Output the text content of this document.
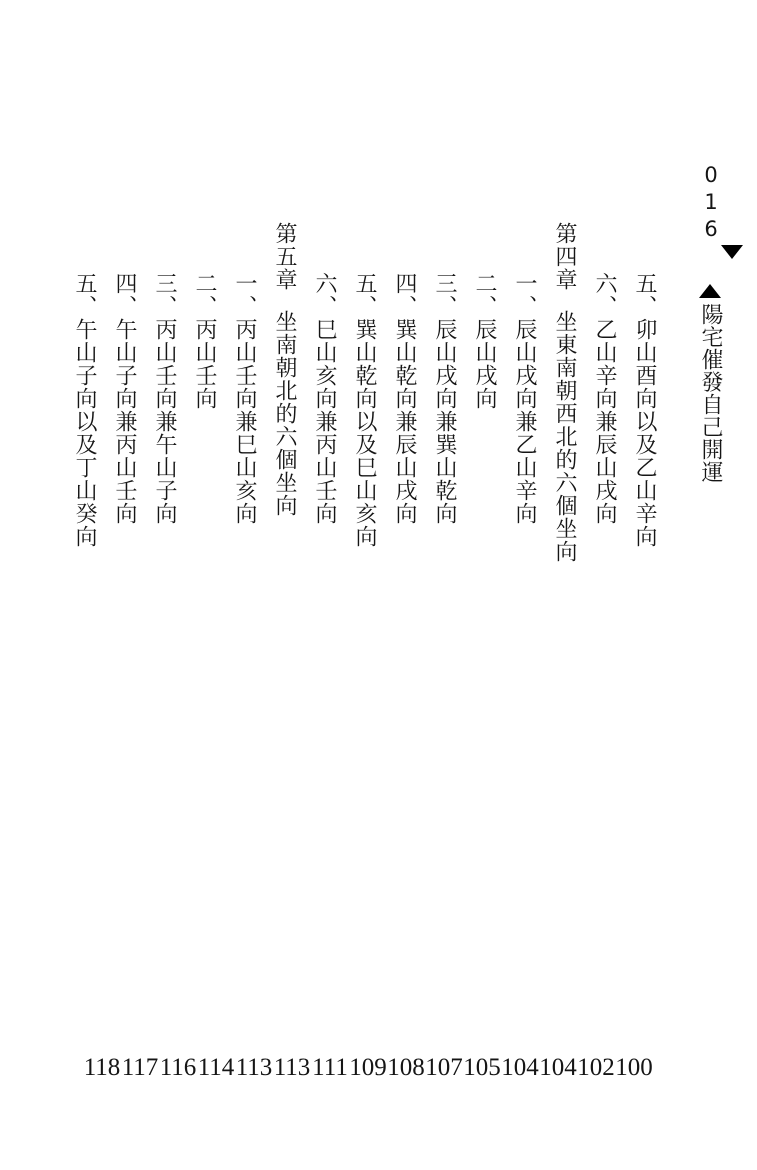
016  陽宅催發自己開運
五、卯山酉向以及乙山辛向
六、乙山辛向兼辰山戌向
第四章坐東南朝西北的六個坐向
一、辰山戌向兼乙山辛向
二、辰山戌向
三、辰山戌向兼巽山乾向
四、巽山乾向兼辰山戌向
五、巽山乾向以及巳山亥向
六、巳山亥向兼丙山壬向
第五章坐南朝北的六個坐向
一、丙山壬向兼巳山亥向
二、丙山壬向
三、丙山壬向兼午山子向
四、午山子向兼丙山壬向
五、午山子向以及丁山癸向
118 117 116 114 113 113 111 109 108 107 105 104 104 102 100
